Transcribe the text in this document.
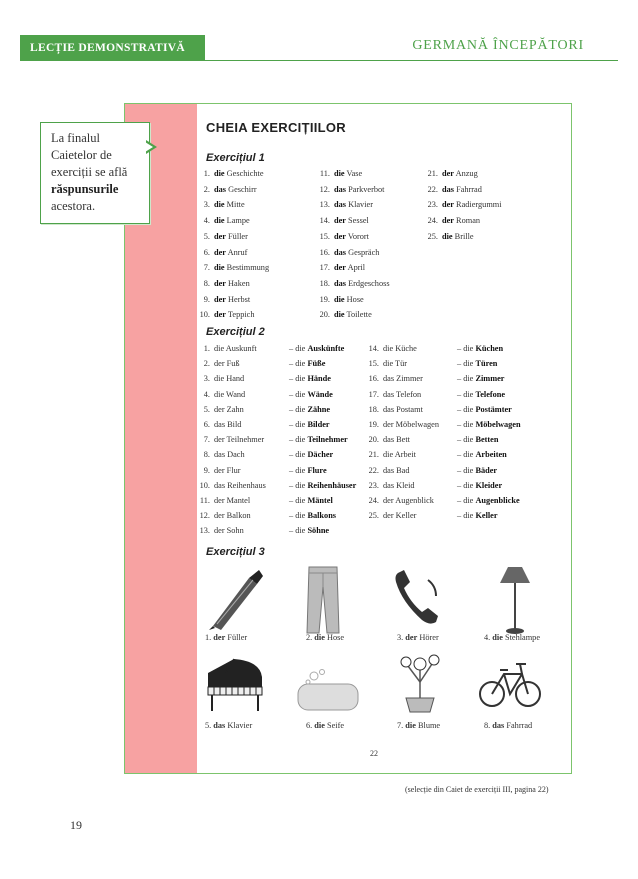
LECȚIE DEMONSTRATIVĂ	GERMANĂ ÎNCEPĂTORI
La finalul
Caietelor de
exerciții se află
răspunsurile
acestora.
CHEIA EXERCIȚIILOR
Exercițiul 1
Exercițiul 2
Exercițiul 3
1. die Geschichte
2. das Geschirr
3. die Mitte
4. die Lampe
5. der Füller
6. der Anruf
7. die Bestimmung
8. der Haken
9. der Herbst
10. der Teppich
11. die Vase
12. das Parkverbot
13. das Klavier
14. der Sessel
15. der Vorort
16. das Gespräch
17. der April
18. das Erdgeschoss
19. die Hose
20. die Toilette
21. der Anzug
22. das Fahrrad
23. der Radiergummi
24. der Roman
25. die Brille
1. die Auskunft	– die Auskünfte
2. der Fuß	– die Füße
3. die Hand	– die Hände
4. die Wand	– die Wände
5. der Zahn	– die Zähne
6. das Bild	– die Bilder
7. der Teilnehmer	– die Teilnehmer
8. das Dach	– die Dächer
9. der Flur	– die Flure
10. das Reihenhaus	– die Reihenhäuser
11. der Mantel	– die Mäntel
12. der Balkon	– die Balkons
13. der Sohn	– die Söhne
14. die Küche	– die Küchen
15. die Tür	– die Türen
16. das Zimmer	– die Zimmer
17. das Telefon	– die Telefone
18. das Postamt	– die Postämter
19. der Möbelwagen – die Möbelwagen
20. das Bett	– die Betten
21. die Arbeit	– die Arbeiten
22. das Bad	– die Bäder
23. das Kleid	– die Kleider
24. der Augenblick	– die Augenblicke
25. der Keller	– die Keller
1. der Füller	2. die Hose	3. der Hörer	4. die Stehlampe
5. das Klavier	6. die Seife	7. die Blume	8. das Fahrrad
22
(selecție din Caiet de exerciții III, pagina 22)
19
